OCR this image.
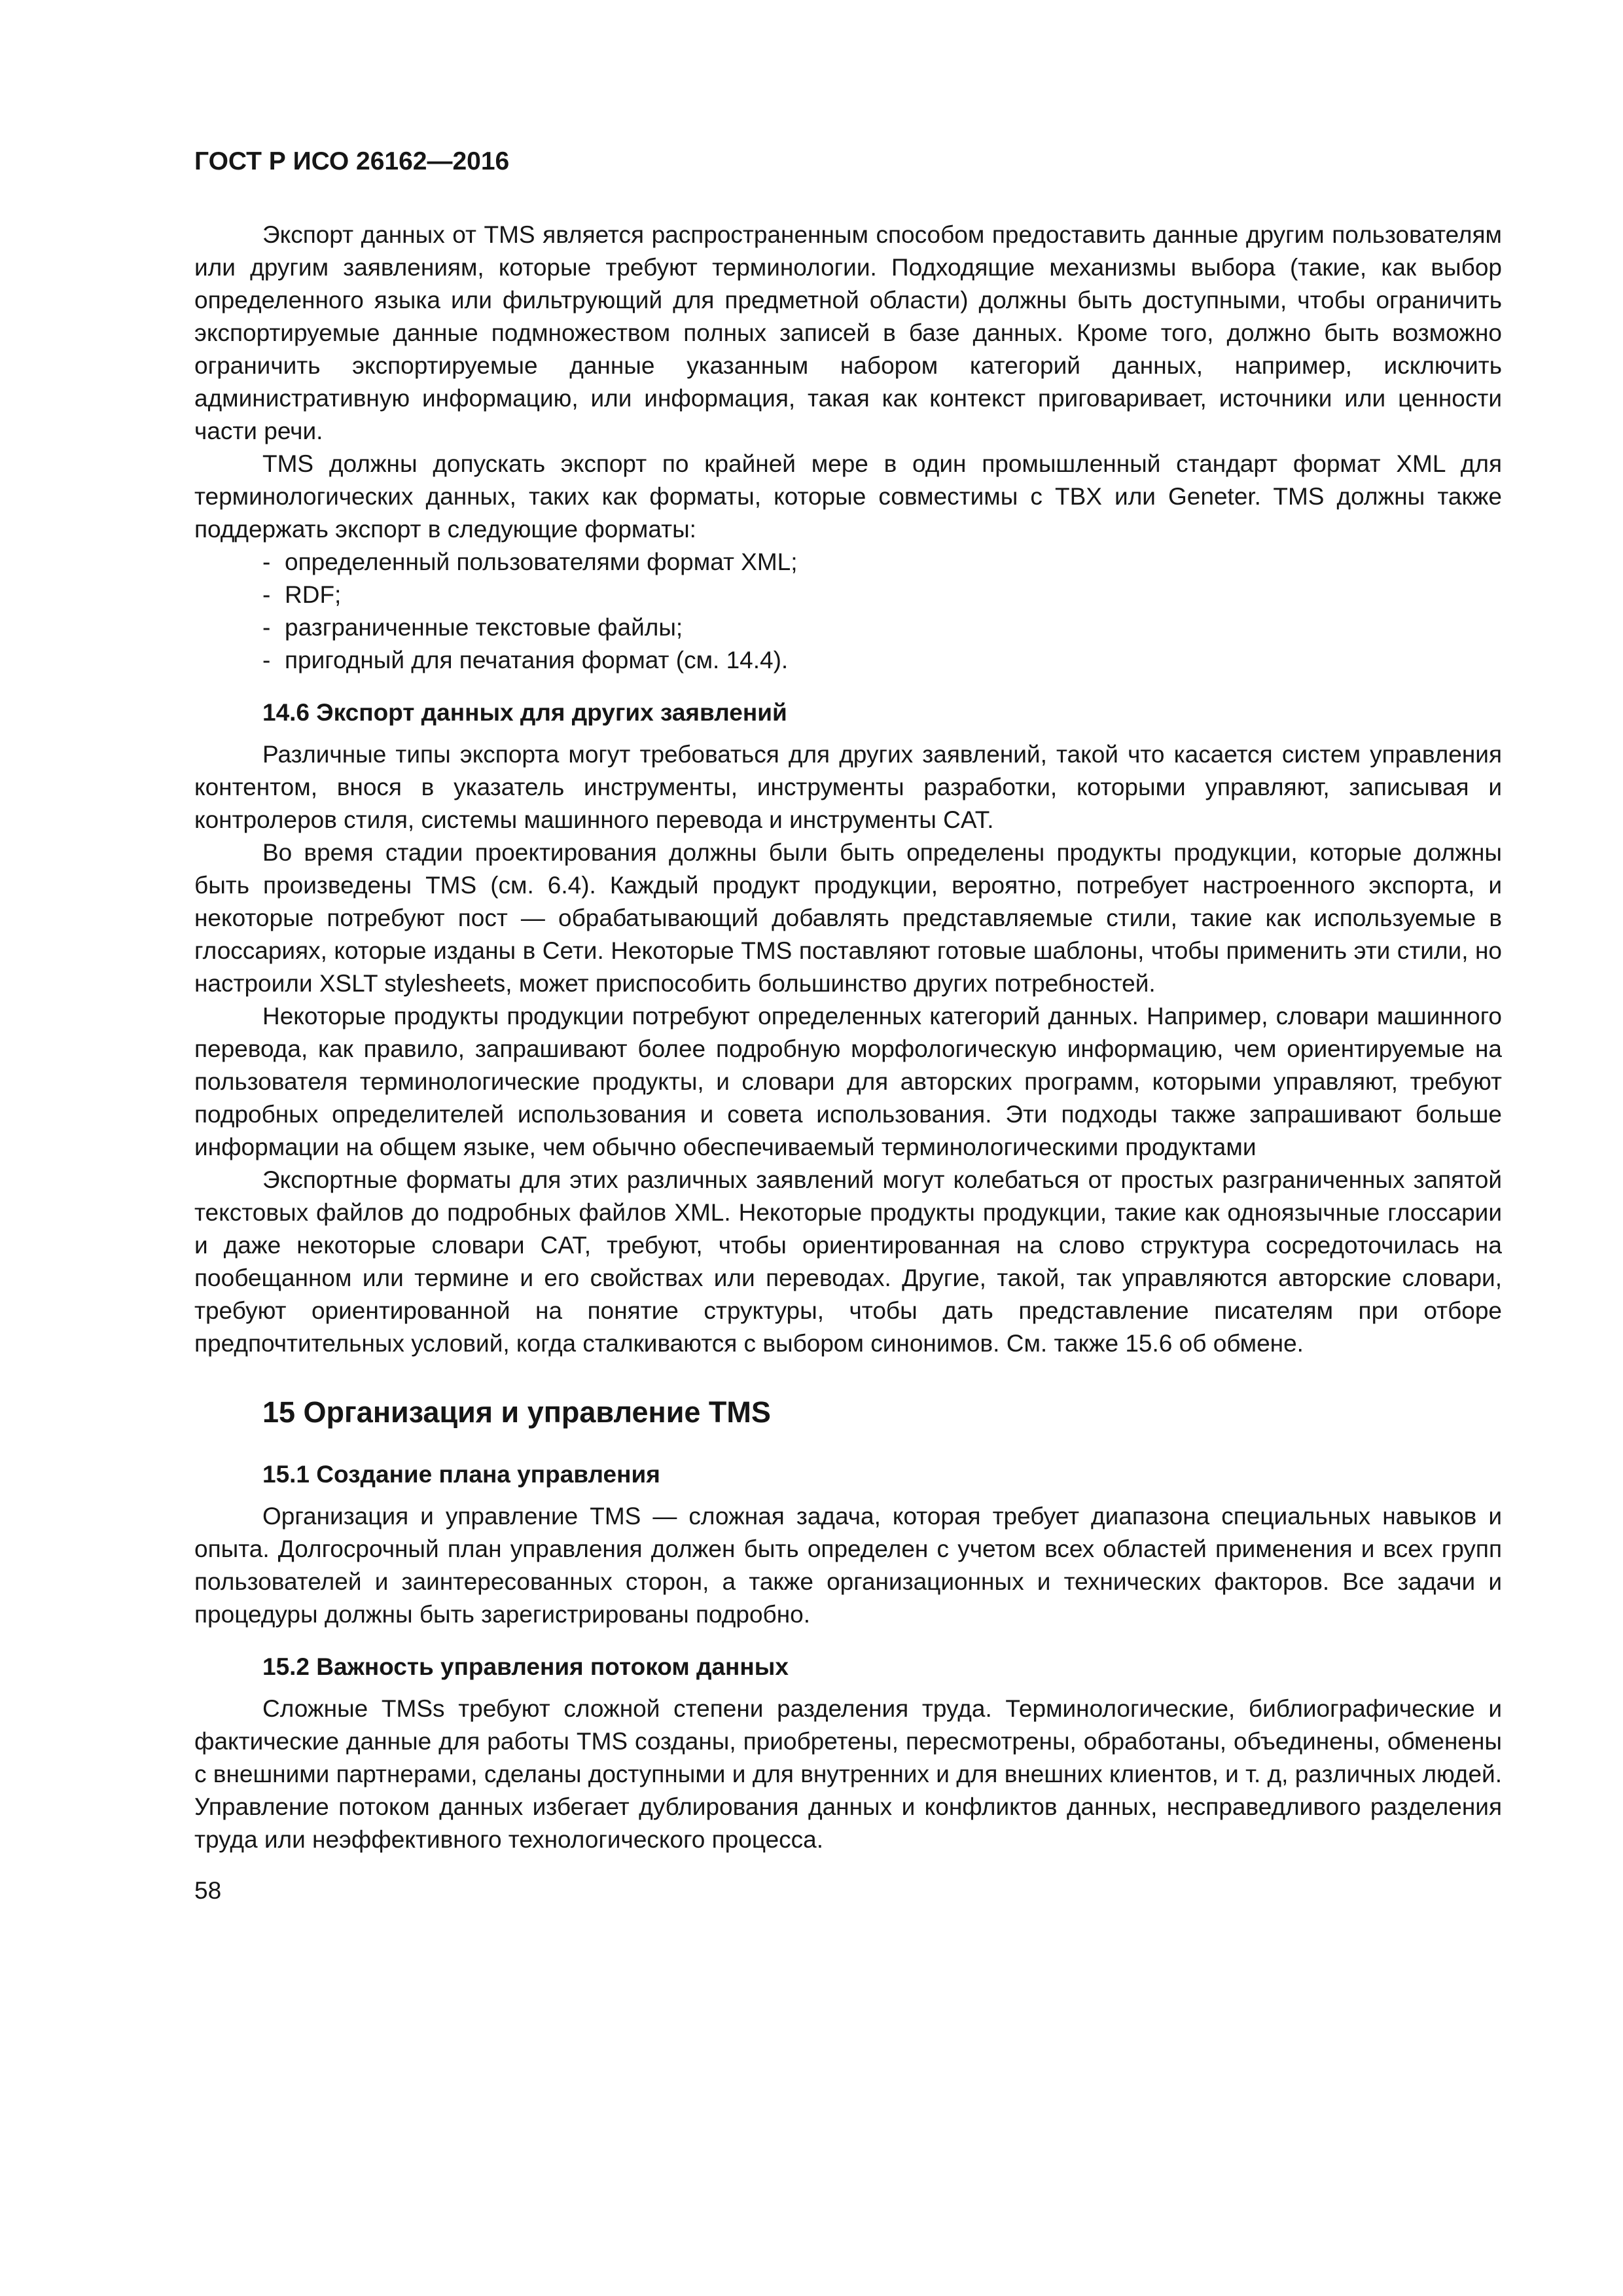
ГОСТ Р ИСО 26162—2016

Экспорт данных от TMS является распространенным способом предоставить данные другим пользователям или другим заявлениям, которые требуют терминологии. Подходящие механизмы выбора (такие, как выбор определенного языка или фильтрующий для предметной области) должны быть доступными, чтобы ограничить экспортируемые данные подмножеством полных записей в базе данных. Кроме того, должно быть возможно ограничить экспортируемые данные указанным набором категорий данных, например, исключить административную информацию, или информация, такая как контекст приговаривает, источники или ценности части речи.

TMS должны допускать экспорт по крайней мере в один промышленный стандарт формат XML для терминологических данных, таких как форматы, которые совместимы с TBX или Geneter. TMS должны также поддержать экспорт в следующие форматы:

- определенный пользователями формат XML;
- RDF;
- разграниченные текстовые файлы;
- пригодный для печатания формат (см. 14.4).
14.6 Экспорт данных для других заявлений

Различные типы экспорта могут требоваться для других заявлений, такой что касается систем управления контентом, внося в указатель инструменты, инструменты разработки, которыми управляют, записывая и контролеров стиля, системы машинного перевода и инструменты CAT.

Во время стадии проектирования должны были быть определены продукты продукции, которые должны быть произведены TMS (см. 6.4). Каждый продукт продукции, вероятно, потребует настроенного экспорта, и некоторые потребуют пост — обрабатывающий добавлять представляемые стили, такие как используемые в глоссариях, которые изданы в Сети. Некоторые TMS поставляют готовые шаблоны, чтобы применить эти стили, но настроили XSLT stylesheets, может приспособить большинство других потребностей.

Некоторые продукты продукции потребуют определенных категорий данных. Например, словари машинного перевода, как правило, запрашивают более подробную морфологическую информацию, чем ориентируемые на пользователя терминологические продукты, и словари для авторских программ, которыми управляют, требуют подробных определителей использования и совета использования. Эти подходы также запрашивают больше информации на общем языке, чем обычно обеспечиваемый терминологическими продуктами

Экспортные форматы для этих различных заявлений могут колебаться от простых разграниченных запятой текстовых файлов до подробных файлов XML. Некоторые продукты продукции, такие как одноязычные глоссарии и даже некоторые словари CAT, требуют, чтобы ориентированная на слово структура сосредоточилась на пообещанном или термине и его свойствах или переводах. Другие, такой, так управляются авторские словари, требуют ориентированной на понятие структуры, чтобы дать представление писателям при отборе предпочтительных условий, когда сталкиваются с выбором синонимов. См. также 15.6 об обмене.

15 Организация и управление TMS
15.1 Создание плана управления

Организация и управление TMS — сложная задача, которая требует диапазона специальных навыков и опыта. Долгосрочный план управления должен быть определен с учетом всех областей применения и всех групп пользователей и заинтересованных сторон, а также организационных и технических факторов. Все задачи и процедуры должны быть зарегистрированы подробно.

15.2 Важность управления потоком данных

Сложные TMSs требуют сложной степени разделения труда. Терминологические, библиографические и фактические данные для работы TMS созданы, приобретены, пересмотрены, обработаны, объединены, обменены с внешними партнерами, сделаны доступными и для внутренних и для внешних клиентов, и т. д, различных людей. Управление потоком данных избегает дублирования данных и конфликтов данных, несправедливого разделения труда или неэффективного технологического процесса.

58
